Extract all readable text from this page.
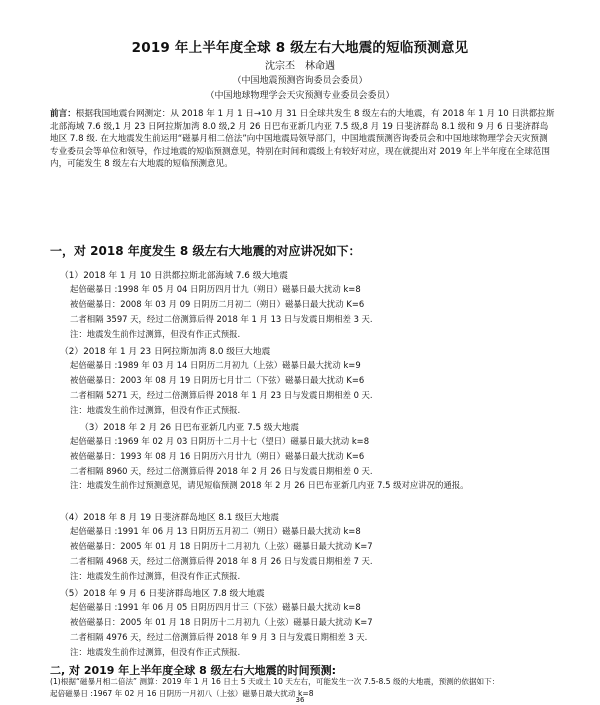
2019 年上半年度全球 8 级左右大地震的短临预测意见
沈宗丕　林命遇
（中国地震预测咨询委员会委员）
（中国地球物理学会天灾预测专业委员会委员）
前言：根据我国地震台网测定：从 2018 年 1 月 1 日→10 月 31 日全球共发生 8 级左右的大地震，有 2018 年 1 月 10 日洪都拉斯北部海域 7.6 级,1 月 23 日阿拉斯加湾 8.0 级,2 月 26 日巴布亚新几内亚 7.5 级,8 月 19 日斐济群岛 8.1 级和 9 月 6 日斐济群岛地区 7.8 级. 在大地震发生前运用“磁暴月相二倍法”向中国地震局领导部门，中国地震预测咨询委员会和中国地球物理学会天灾预测专业委员会等单位和领导，作过地震的短临预测意见，特别在时间和震级上有较好对应，现在就提出对 2019 年上半年度在全球范围内，可能发生 8 级左右大地震的短临预测意见。
一，对 2018 年度发生 8 级左右大地震的对应讲况如下：
（1）2018 年 1 月 10 日洪都拉斯北部海域 7.6 级大地震
起倍磁暴日 :1998 年 05 月 04 日阴历四月廿九（朔日）磁暴日最大扰动 k=8
被倍磁暴日：2008 年 03 月 09 日阴历二月初二（朔日）磁暴日最大扰动 K=6
二者相隔 3597 天，经过二倍测算后得 2018 年 1 月 13 日与发震日期相差 3 天.
注：地震发生前作过测算，但没有作正式预报.
（2）2018 年 1 月 23 日阿拉斯加湾 8.0 级巨大地震
起倍磁暴日 :1989 年 03 月 14 日阴历二月初九（上弦）磁暴日最大扰动 k=9
被倍磁暴日：2003 年 08 月 19 日阴历七月廿二（下弦）磁暴日最大扰动 K=6
二者相隔 5271 天，经过二倍测算后得 2018 年 1 月 23 日与发震日期相差 0 天.
注：地震发生前作过测算，但没有作正式预报.
（3）2018 年 2 月 26 日巴布亚新几内亚 7.5 级大地震
起倍磁暴日 :1969 年 02 月 03 日阴历十二月十七（望日）磁暴日最大扰动 k=8
被倍磁暴日：1993 年 08 月 16 日阴历六月廿九（朔日）磁暴日最大扰动 K=6
二者相隔 8960 天，经过二倍测算后得 2018 年 2 月 26 日与发震日期相差 0 天.
注：地震发生前作过预测意见，请见短临预测 2018 年 2 月 26 日巴布亚新几内亚 7.5 级对应讲况的通报。
（4）2018 年 8 月 19 日斐济群岛地区 8.1 级巨大地震
起倍磁暴日 :1991 年 06 月 13 日阴历五月初二（朔日）磁暴日最大扰动 k=8
被倍磁暴日：2005 年 01 月 18 日阴历十二月初九（上弦）磁暴日最大扰动 K=7
二者相隔 4968 天，经过二倍测算后得 2018 年 8 月 26 日与发震日期相差 7 天.
注：地震发生前作过测算，但没有作正式预报.
（5）2018 年 9 月 6 日斐济群岛地区 7.8 级大地震
起倍磁暴日 :1991 年 06 月 05 日阴历四月廿三（下弦）磁暴日最大扰动 k=8
被倍磁暴日：2005 年 01 月 18 日阴历十二月初九（上弦）磁暴日最大扰动 K=7
二者相隔 4976 天，经过二倍测算后得 2018 年 9 月 3 日与发震日期相差 3 天.
注：地震发生前作过测算，但没有作正式预报.
二, 对 2019 年上半年度全球 8 级左右大地震的时间预测:
(1)根据“磁暴月相二倍法” 测算：2019 年 1 月 16 日土 5 天或土 10 天左右，可能发生一次 7.5-8.5 级的大地震，预测的依据如下：
起倍磁暴日 :1967 年 02 月 16 日阴历一月初八（上弦）磁暴日最大扰动 k=8
36
